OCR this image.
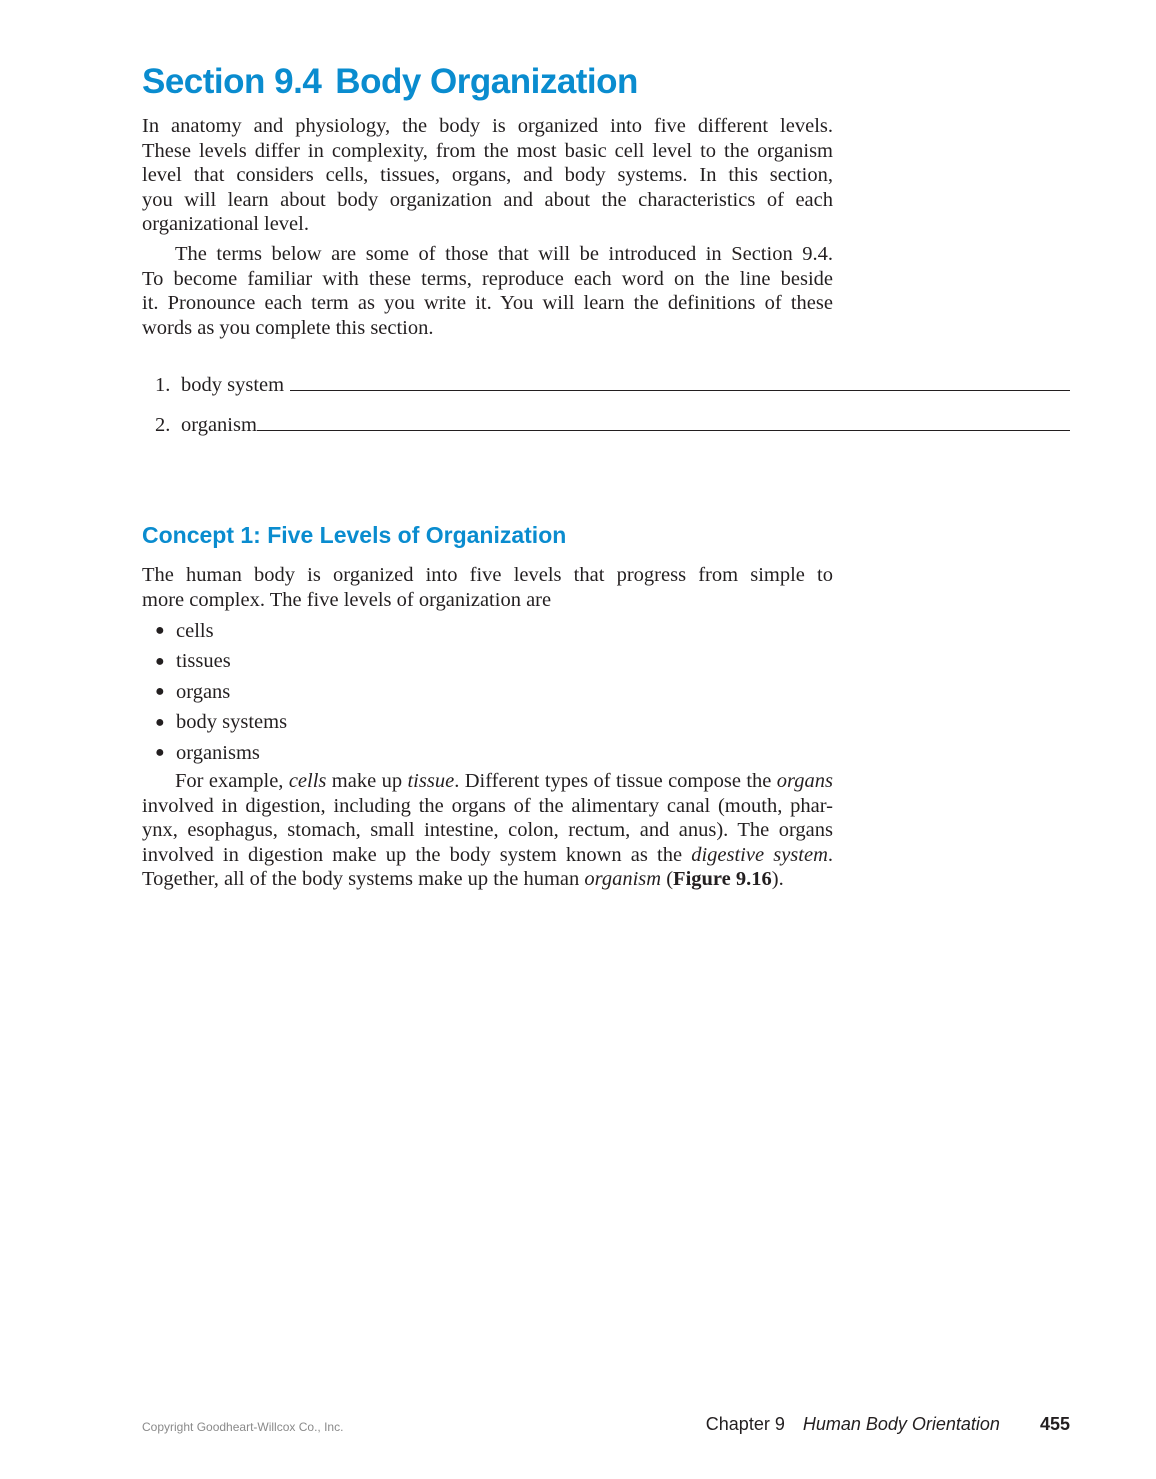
Section 9.4 Body Organization
In anatomy and physiology, the body is organized into five different levels.
These levels differ in complexity, from the most basic cell level to the organism
level that considers cells, tissues, organs, and body systems. In this section,
you will learn about body organization and about the characteristics of each
organizational level.
The terms below are some of those that will be introduced in Section 9.4.
To become familiar with these terms, reproduce each word on the line beside
it. Pronounce each term as you write it. You will learn the definitions of these
words as you complete this section.
1. body system
2. organism
Concept 1: Five Levels of Organization
The human body is organized into five levels that progress from simple to
more complex. The five levels of organization are
● cells
● tissues
● organs
● body systems
● organisms
For example, cells make up tissue. Different types of tissue compose the organs
involved in digestion, including the organs of the alimentary canal (mouth, phar-
ynx, esophagus, stomach, small intestine, colon, rectum, and anus). The organs
involved in digestion make up the body system known as the digestive system.
Together, all of the body systems make up the human organism (Figure 9.16).
Copyright Goodheart-Willcox Co., Inc.	Chapter 9 Human Body Orientation 455
